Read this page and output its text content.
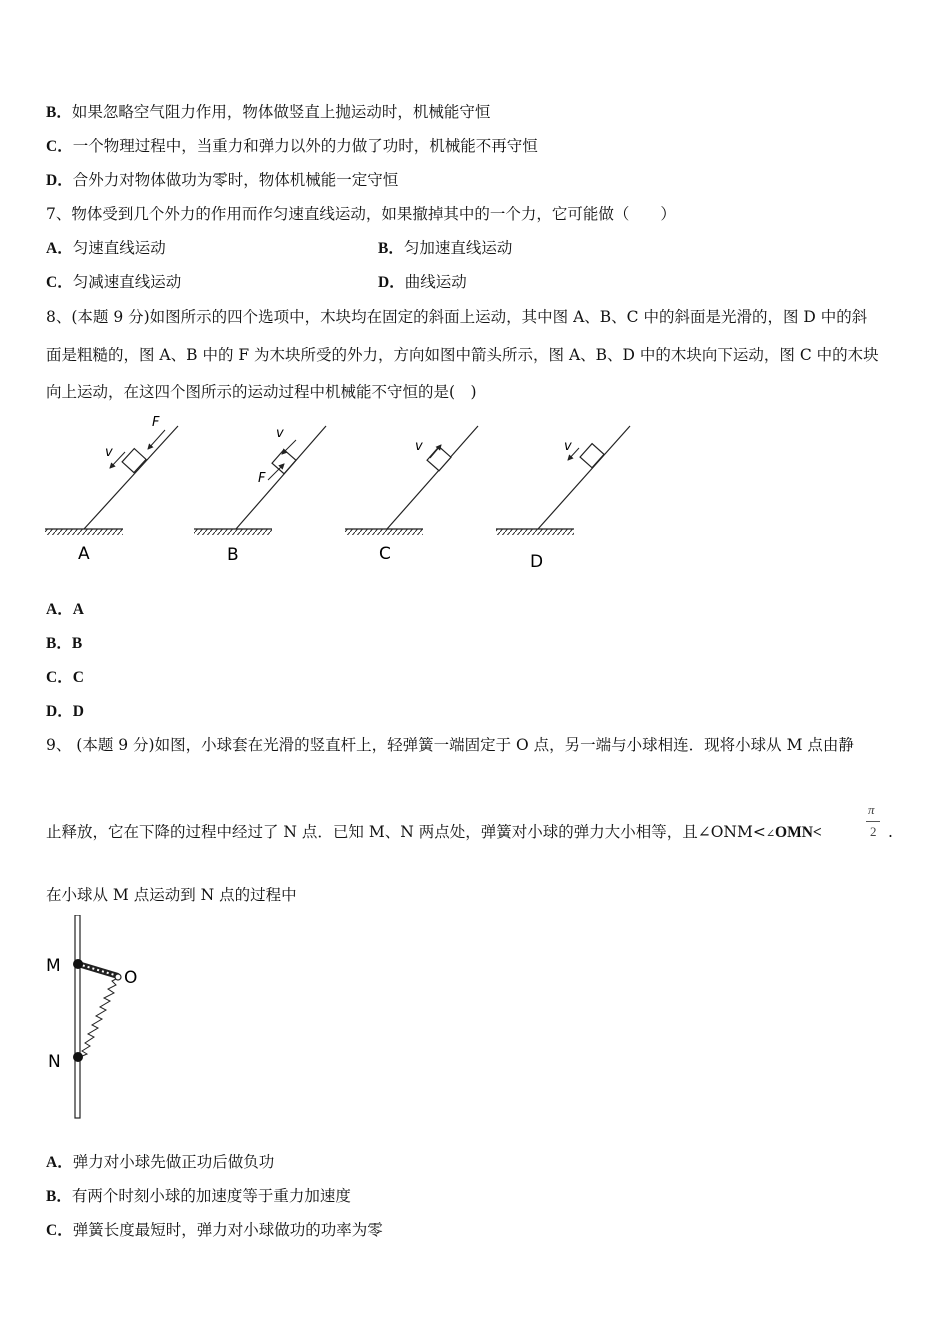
B．如果忽略空气阻力作用，物体做竖直上抛运动时，机械能守恒
C．一个物理过程中，当重力和弹力以外的力做了功时，机械能不再守恒
D．合外力对物体做功为零时，物体机械能一定守恒
7、物体受到几个外力的作用而作匀速直线运动，如果撤掉其中的一个力，它可能做（　　）
A．匀速直线运动	B．匀加速直线运动
C．匀减速直线运动	D．曲线运动
8、(本题 9 分)如图所示的四个选项中，木块均在固定的斜面上运动，其中图 A、B、C 中的斜面是光滑的，图 D 中的斜
面是粗糙的，图 A、B 中的 F 为木块所受的外力，方向如图中箭头所示，图 A、B、D 中的木块向下运动，图 C 中的木块
向上运动，在这四个图所示的运动过程中机械能不守恒的是(　)
F
v
A
F
v
B
v
C
v
D
A．A
B．B
C．C
D．D
9、 (本题 9 分)如图，小球套在光滑的竖直杆上，轻弹簧一端固定于 O 点，另一端与小球相连．现将小球从 M 点由静
止释放，它在下降的过程中经过了 N 点．已知 M、N 两点处，弹簧对小球的弹力大小相等，且∠ONM<∠OMN<
π
2 .
在小球从 M 点运动到 N 点的过程中
M
O
N
A．弹力对小球先做正功后做负功
B．有两个时刻小球的加速度等于重力加速度
C．弹簧长度最短时，弹力对小球做功的功率为零
